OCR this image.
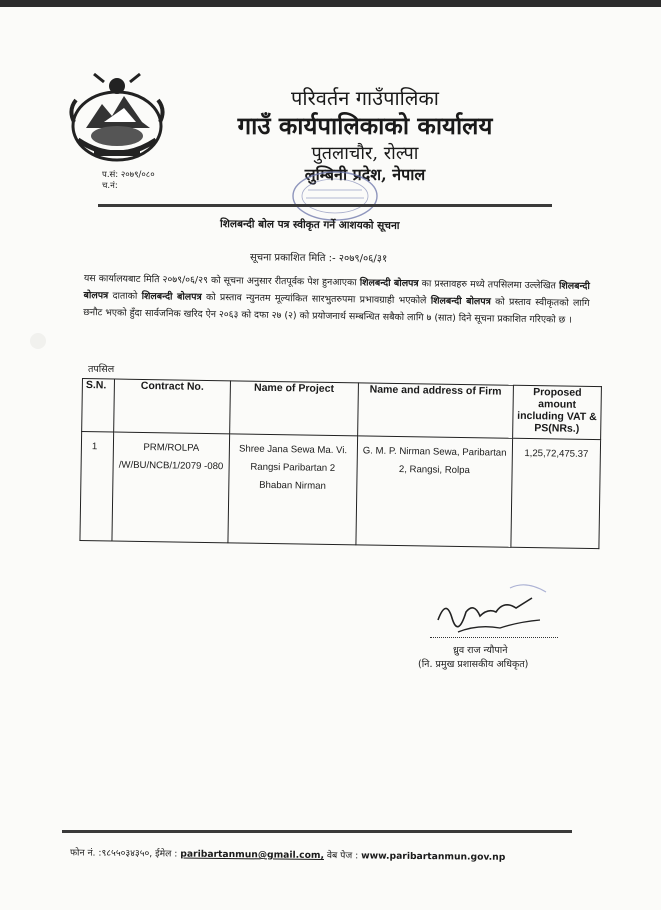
परिवर्तन गाउँपालिका
गाउँ कार्यपालिकाको कार्यालय
पुतलाचौर, रोल्पा
लुम्बिनी प्रदेश, नेपाल
प.सं: २०७९/०८०
च.नं:
शिलबन्दी बोल पत्र स्वीकृत गर्ने आशयको सूचना
सूचना प्रकाशित मिति :- २०७९/०६/३१
यस कार्यालयबाट मिति २०७९/०६/२९ को सूचना अनुसार रीतपूर्वक पेश हुनआएका शिलबन्दी बोलपत्र का प्रस्तावहरु मध्ये तपसिलमा उल्लेखित शिलबन्दी बोलपत्र दाताको शिलबन्दी बोलपत्र को प्रस्ताव न्युनतम मूल्यांकित सारभुतरुपमा प्रभावग्राही भएकोले शिलबन्दी बोलपत्र को प्रस्ताव स्वीकृतको लागि छनौट भएको हुँदा सार्वजनिक खरिद ऐन २०६३ को दफा २७ (२) को प्रयोजनार्थ सम्बन्धित सबैको लागि ७ (सात) दिने सूचना प्रकाशित गरिएको छ ।
तपसिल
S.N.	Contract No.	Name of Project	Name and address of Firm	Proposed amount including VAT & PS(NRs.)
1	PRM/ROLPA /W/BU/NCB/1/2079 -080	Shree Jana Sewa Ma. Vi. Rangsi Paribartan 2 Bhaban Nirman	G. M. P. Nirman Sewa, Paribartan 2, Rangsi, Rolpa	1,25,72,475.37
ध्रुव राज न्यौपाने
(नि. प्रमुख प्रशासकीय अधिकृत)
फोन नं. :९८५५०३४३५०, ईमेल : paribartanmun@gmail.com, वेब पेज : www.paribartanmun.gov.np
